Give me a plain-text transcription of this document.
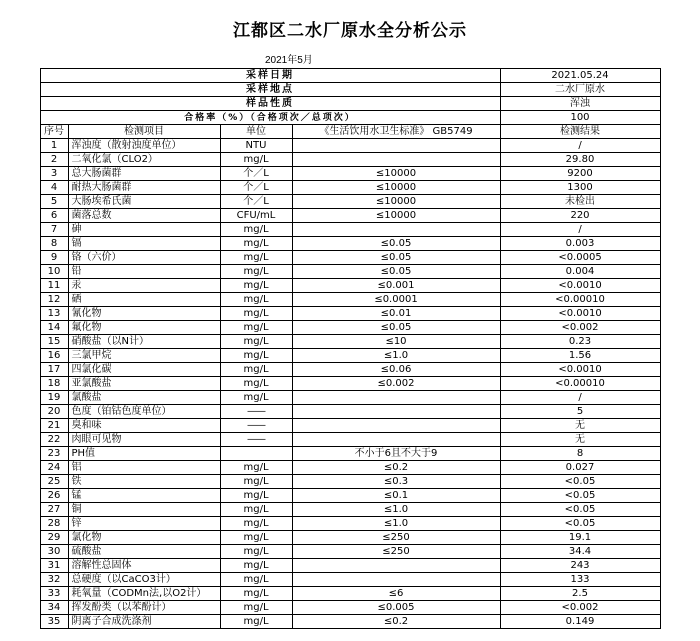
江都区二水厂原水全分析公示
2021年5月
采样日期				2021.05.24
采样地点				二水厂原水
样品性质				浑浊
合格率（%）（合格项次／总项次）				100
序号	检测项目	单位	《生活饮用水卫生标准》 GB5749	检测结果
1	浑浊度（散射浊度单位）	NTU		/
2	二氧化氯（CLO2）	mg/L		29.80
3	总大肠菌群	个／L	≤10000	9200
4	耐热大肠菌群	个／L	≤10000	1300
5	大肠埃希氏菌	个／L	≤10000	未检出
6	菌落总数	CFU/mL	≤10000	220
7	砷	mg/L		/
8	镉	mg/L	≤0.05	0.003
9	铬（六价）	mg/L	≤0.05	<0.0005
10	铅	mg/L	≤0.05	0.004
11	汞	mg/L	≤0.001	<0.0010
12	硒	mg/L	≤0.0001	<0.00010
13	氰化物	mg/L	≤0.01	<0.0010
14	氟化物	mg/L	≤0.05	<0.002
15	硝酸盐（以N计）	mg/L	≤10	0.23
16	三氯甲烷	mg/L	≤1.0	1.56
17	四氯化碳	mg/L	≤0.06	<0.0010
18	亚氯酸盐	mg/L	≤0.002	<0.00010
19	氯酸盐	mg/L		/
20	色度（铂钴色度单位）	——		5
21	臭和味	——		无
22	肉眼可见物	——		无
23	PH值		不小于6且不大于9	8
24	铝	mg/L	≤0.2	0.027
25	铁	mg/L	≤0.3	<0.05
26	锰	mg/L	≤0.1	<0.05
27	铜	mg/L	≤1.0	<0.05
28	锌	mg/L	≤1.0	<0.05
29	氯化物	mg/L	≤250	19.1
30	硫酸盐	mg/L	≤250	34.4
31	溶解性总固体	mg/L		243
32	总硬度（以CaCO3计）	mg/L		133
33	耗氧量（CODMn法,以O2计）	mg/L	≤6	2.5
34	挥发酚类（以苯酚计）	mg/L	≤0.005	<0.002
35	阴离子合成洗涤剂	mg/L	≤0.2	0.149
